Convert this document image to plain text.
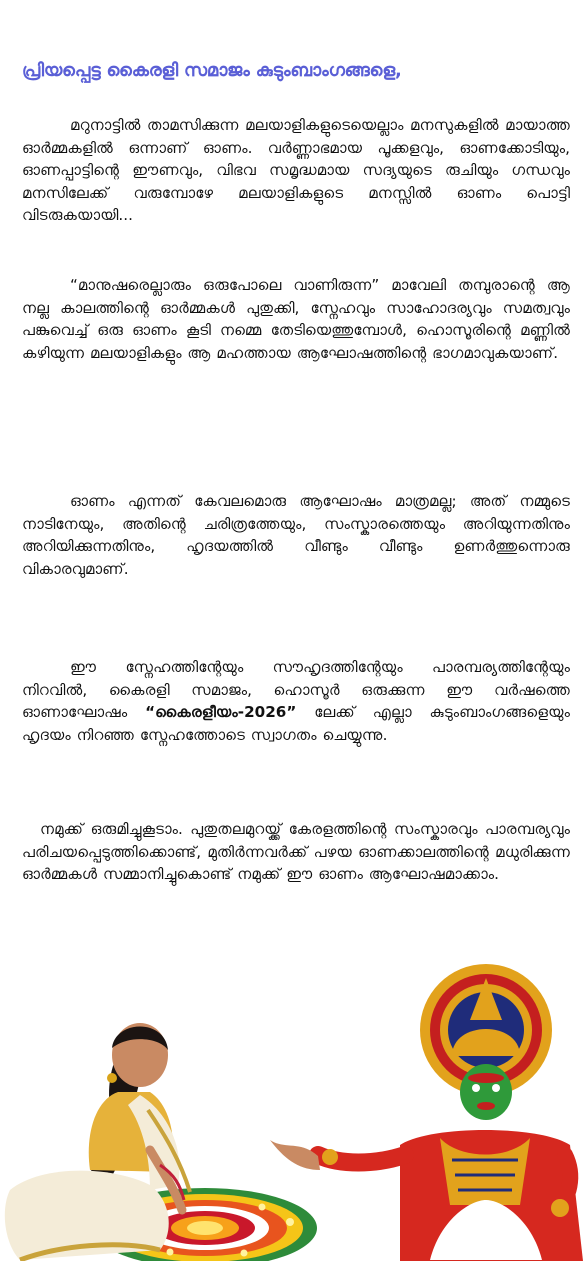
പ്രിയപ്പെട്ട കൈരളി സമാജം കുടുംബാംഗങ്ങളെ,

മറുനാട്ടിൽ താമസിക്കുന്ന മലയാളികളുടെയെല്ലാം മനസുകളിൽ മായാത്ത ഓർമ്മകളിൽ ഒന്നാണ് ഓണം. വർണ്ണാഭമായ പൂക്കളവും, ഓണക്കോടിയും, ഓണപ്പാട്ടിന്റെ ഈണവും, വിഭവ സമൃദ്ധമായ സദ്യയുടെ രുചിയും ഗന്ധവും മനസിലേക്ക് വരുമ്പോഴേ മലയാളികളുടെ മനസ്സിൽ ഓണം പൊട്ടി വിടരുകയായി...

“മാനുഷരെല്ലാരും ഒരുപോലെ വാണിരുന്ന” മാവേലി തമ്പുരാന്റെ ആ നല്ല കാലത്തിന്റെ ഓർമ്മകൾ പുതുക്കി, സ്നേഹവും സാഹോദര്യവും സമത്വവും പങ്കുവെച്ച് ഒരു ഓണം കൂടി നമ്മെ തേടിയെത്തുമ്പോൾ, ഹൊസൂരിന്റെ മണ്ണിൽ കഴിയുന്ന മലയാളികളും ആ മഹത്തായ ആഘോഷത്തിന്റെ ഭാഗമാവുകയാണ്.

ഓണം എന്നത് കേവലമൊരു ആഘോഷം മാത്രമല്ല; അത് നമ്മുടെ നാടിനേയും, അതിന്റെ ചരിത്രത്തേയും, സംസ്കാരത്തെയും അറിയുന്നതിനും അറിയിക്കുന്നതിനും, ഹൃദയത്തിൽ വീണ്ടും വീണ്ടും ഉണർത്തുന്നൊരു വികാരവുമാണ്.

ഈ സ്നേഹത്തിന്റേയും സൗഹൃദത്തിന്റേയും പാരമ്പര്യത്തിന്റേയും നിറവിൽ, കൈരളി സമാജം, ഹൊസൂർ ഒരുക്കുന്ന ഈ വർഷത്തെ ഓണാഘോഷം “കൈരളീയം-2026” ലേക്ക് എല്ലാ കുടുംബാംഗങ്ങളെയും ഹൃദയം നിറഞ്ഞ സ്നേഹത്തോടെ സ്വാഗതം ചെയ്യുന്നു.

നമുക്ക് ഒരുമിച്ചുകൂടാം. പുതുതലമുറയ്ക്ക് കേരളത്തിന്റെ സംസ്കാരവും പാരമ്പര്യവും പരിചയപ്പെടുത്തിക്കൊണ്ട്, മുതിർന്നവർക്ക് പഴയ ഓണക്കാലത്തിന്റെ മധുരിക്കുന്ന ഓർമ്മകൾ സമ്മാനിച്ചുകൊണ്ട് നമുക്ക് ഈ ഓണം ആഘോഷമാക്കാം.
